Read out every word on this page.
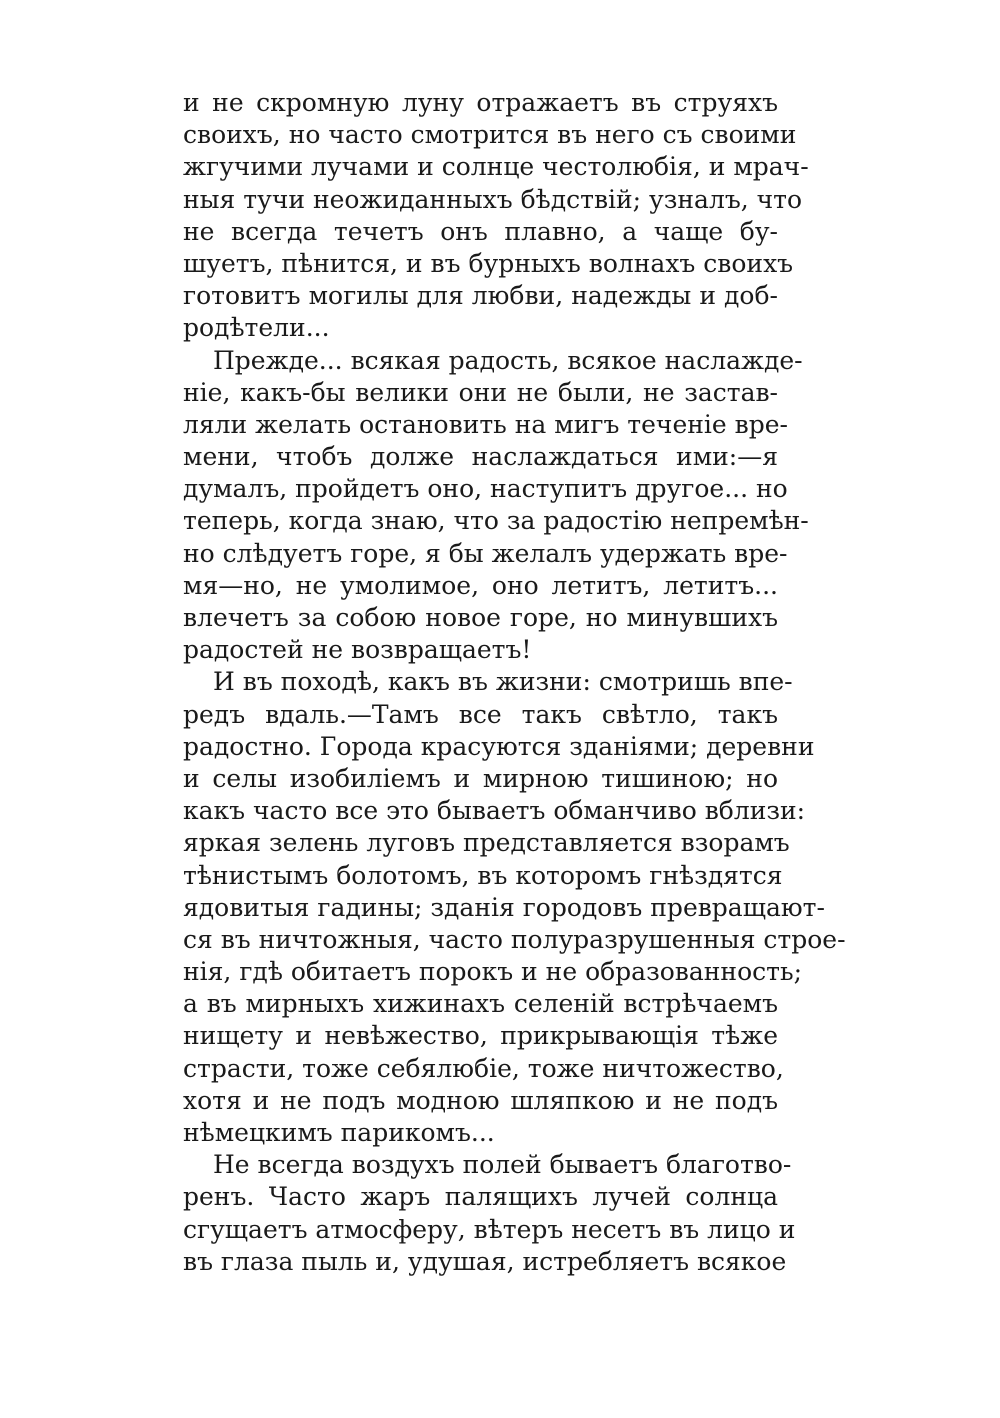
и не скромную луну отражаетъ въ струяхъ
своихъ, но часто смотрится въ него съ своими
жгучими лучами и солнце честолюбія, и мрач-
ныя тучи неожиданныхъ бѣдствій; узналъ, что
не всегда течетъ онъ плавно, а чаще бу-
шуетъ, пѣнится, и въ бурныхъ волнахъ своихъ
готовитъ могилы для любви, надежды и доб-
родѣтели...
Прежде... всякая радость, всякое наслажде-
ніе, какъ-бы велики они не были, не застав-
ляли желать остановить на мигъ теченіе вре-
мени, чтобъ долже наслаждаться ими:—я
думалъ, пройдетъ оно, наступитъ другое... но
теперь, когда знаю, что за радостію непремѣн-
но слѣдуетъ горе, я бы желалъ удержать вре-
мя—но, не умолимое, оно летитъ, летитъ...
влечетъ за собою новое горе, но минувшихъ
радостей не возвращаетъ!
И въ походѣ, какъ въ жизни: смотришь впе-
редъ вдаль.—Тамъ все такъ свѣтло, такъ
радостно. Города красуются зданіями; деревни
и селы изобиліемъ и мирною тишиною; но
какъ часто все это бываетъ обманчиво вблизи:
яркая зелень луговъ представляется взорамъ
тѣнистымъ болотомъ, въ которомъ гнѣздятся
ядовитыя гадины; зданія городовъ превращают-
ся въ ничтожныя, часто полуразрушенныя строе-
нія, гдѣ обитаетъ порокъ и не образованность;
а въ мирныхъ хижинахъ селеній встрѣчаемъ
нищету и невѣжество, прикрывающія тѣже
страсти, тоже себялюбіе, тоже ничтожество,
хотя и не подъ модною шляпкою и не подъ
нѣмецкимъ парикомъ...
Не всегда воздухъ полей бываетъ благотво-
ренъ. Часто жаръ палящихъ лучей солнца
сгущаетъ атмосферу, вѣтеръ несетъ въ лицо и
въ глаза пыль и, удушая, истребляетъ всякое
